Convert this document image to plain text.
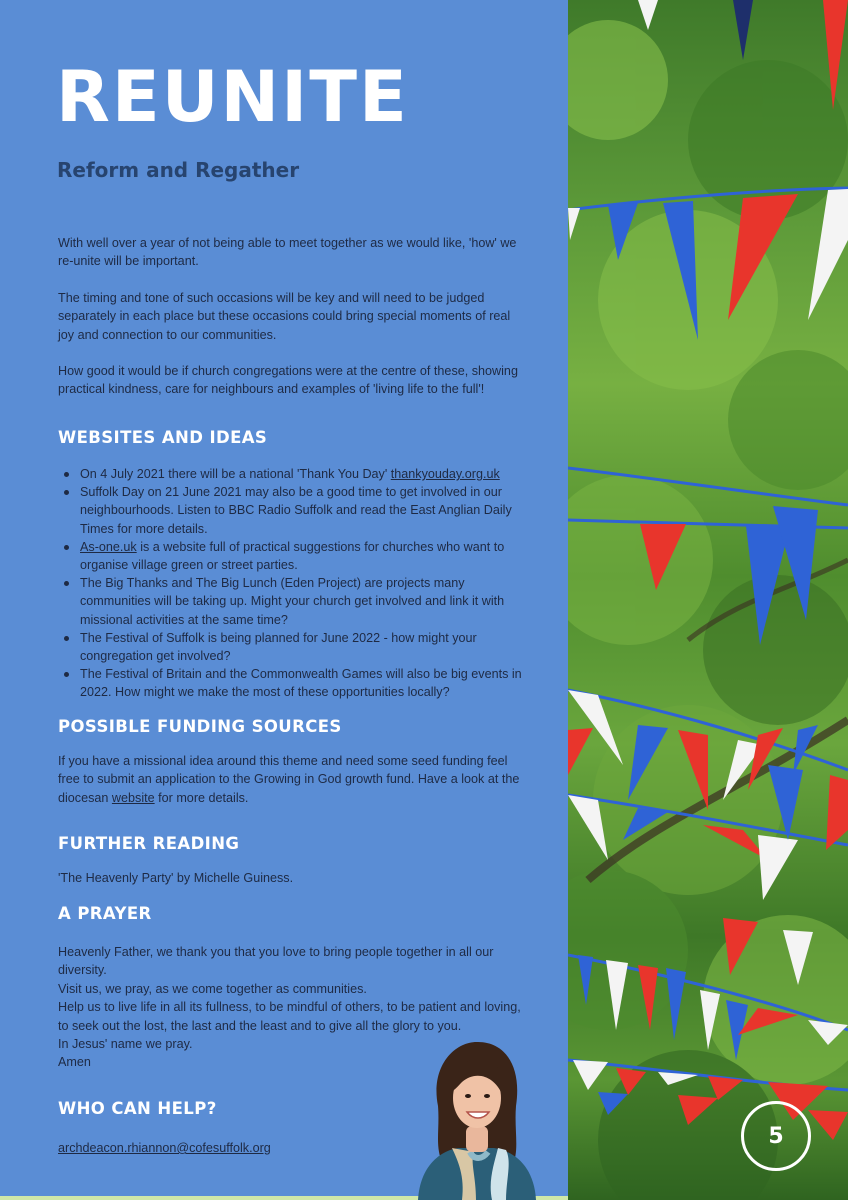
REUNITE
Reform and Regather

With well over a year of not being able to meet together as we would like, 'how' we re-unite will be important.

The timing and tone of such occasions will be key and will need to be judged separately in each place but these occasions could bring special moments of real joy and connection to our communities.

How good it would be if church congregations were at the centre of these, showing practical kindness, care for neighbours and examples of 'living life to the full'!

WEBSITES AND IDEAS
On 4 July 2021 there will be a national 'Thank You Day' thankyouday.org.uk
Suffolk Day on 21 June 2021 may also be a good time to get involved in our neighbourhoods. Listen to BBC Radio Suffolk and read the East Anglian Daily Times for more details.
As-one.uk is a website full of practical suggestions for churches who want to organise village green or street parties.
The Big Thanks and The Big Lunch (Eden Project) are projects many communities will be taking up. Might your church get involved and link it with missional activities at the same time?
The Festival of Suffolk is being planned for June 2022 - how might your congregation get involved?
The Festival of Britain and the Commonwealth Games will also be big events in 2022. How might we make the most of these opportunities locally?
POSSIBLE FUNDING SOURCES

If you have a missional idea around this theme and need some seed funding feel free to submit an application to the Growing in God growth fund. Have a look at the diocesan website for more details.

FURTHER READING

'The Heavenly Party' by Michelle Guiness.

A PRAYER

Heavenly Father, we thank you that you love to bring people together in all our diversity.
Visit us, we pray, as we come together as communities.
Help us to live life in all its fullness, to be mindful of others, to be patient and loving, to seek out the lost, the last and the least and to give all the glory to you.
In Jesus' name we pray.
Amen

WHO CAN HELP?

archdeacon.rhiannon@cofesuffolk.org	5
